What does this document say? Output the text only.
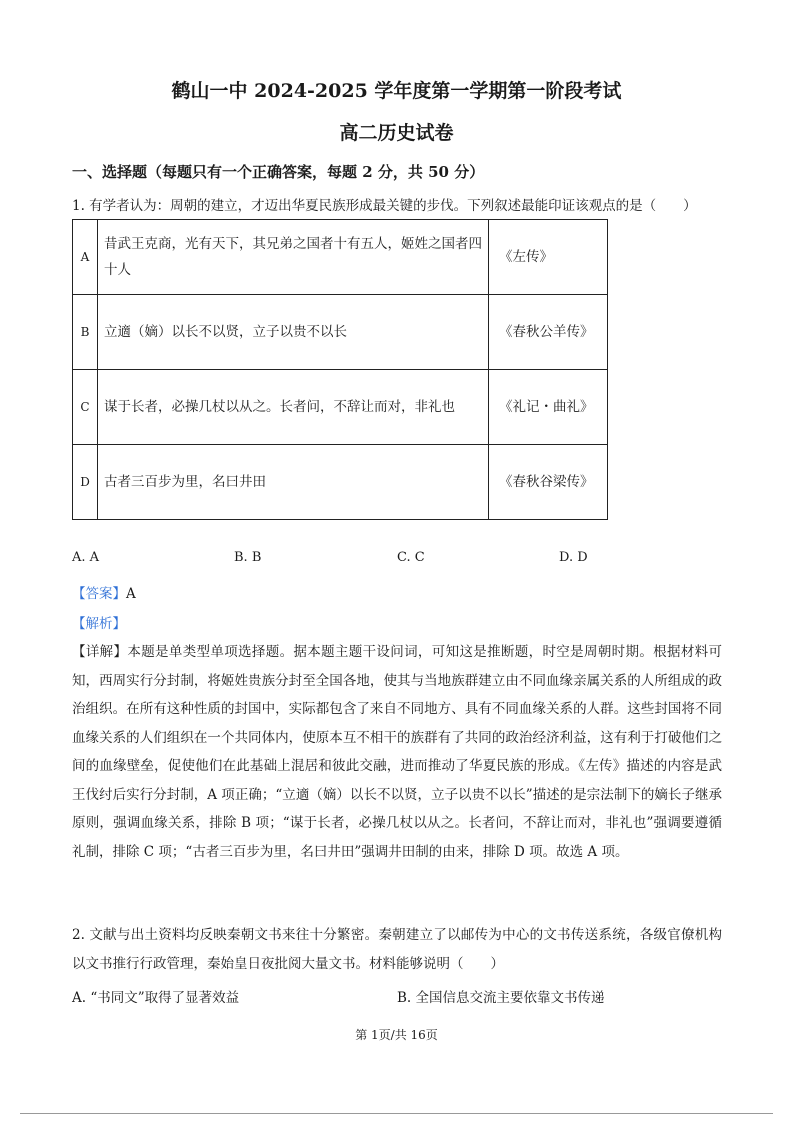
鹤山一中 2024-2025 学年度第一学期第一阶段考试
高二历史试卷
一、选择题（每题只有一个正确答案，每题 2 分，共 50 分）
1. 有学者认为：周朝的建立，才迈出华夏民族形成最关键的步伐。下列叙述最能印证该观点的是（　　）
A	昔武王克商，光有天下，其兄弟之国者十有五人，姬姓之国者四十人	《左传》
B	立適（嫡）以长不以贤，立子以贵不以长	《春秋公羊传》
C	谋于长者，必操几杖以从之。长者问，不辞让而对，非礼也	《礼记・曲礼》
D	古者三百步为里，名曰井田	《春秋谷梁传》
A. A	B. B	C. C	D. D
【答案】A
【解析】
【详解】本题是单类型单项选择题。据本题主题干设问词，可知这是推断题，时空是周朝时期。根据材料可知，西周实行分封制，将姬姓贵族分封至全国各地，使其与当地族群建立由不同血缘亲属关系的人所组成的政治组织。在所有这种性质的封国中，实际都包含了来自不同地方、具有不同血缘关系的人群。这些封国将不同血缘关系的人们组织在一个共同体内，使原本互不相干的族群有了共同的政治经济利益，这有利于打破他们之间的血缘壁垒，促使他们在此基础上混居和彼此交融，进而推动了华夏民族的形成。《左传》描述的内容是武王伐纣后实行分封制，A 项正确；“立適（嫡）以长不以贤，立子以贵不以长”描述的是宗法制下的嫡长子继承原则，强调血缘关系，排除 B 项；“谋于长者，必操几杖以从之。长者问，不辞让而对，非礼也”强调要遵循礼制，排除 C 项；“古者三百步为里，名曰井田”强调井田制的由来，排除 D 项。故选 A 项。
2. 文献与出土资料均反映秦朝文书来往十分繁密。秦朝建立了以邮传为中心的文书传送系统，各级官僚机构以文书推行行政管理，秦始皇日夜批阅大量文书。材料能够说明（　　）
A. “书同文”取得了显著效益	B. 全国信息交流主要依靠文书传递
第 1页/共 16页
